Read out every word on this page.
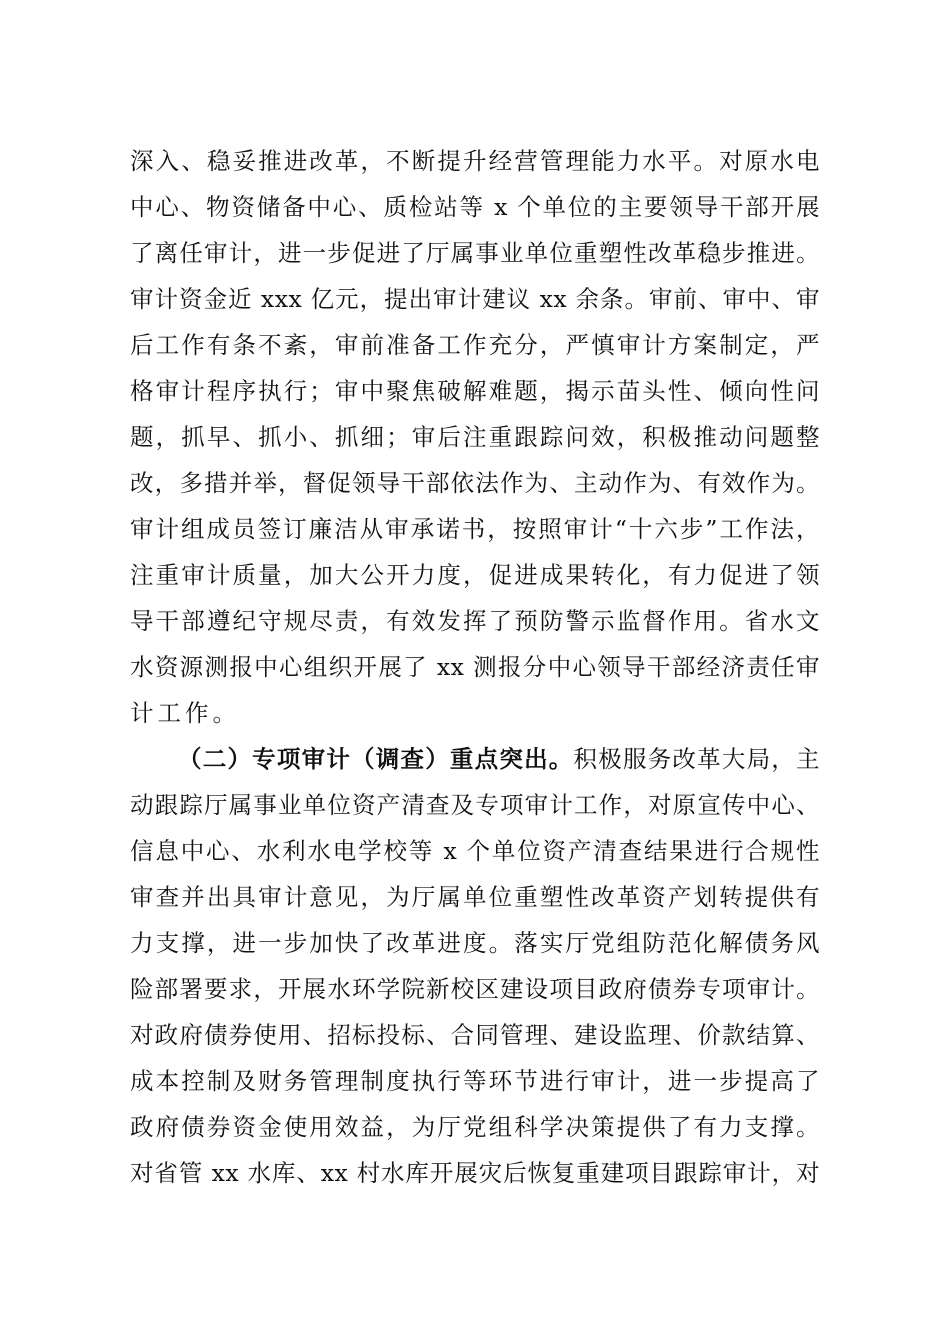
深入、稳妥推进改革，不断提升经营管理能力水平。对原水电
中心、物资储备中心、质检站等 x 个单位的主要领导干部开展
了离任审计，进一步促进了厅属事业单位重塑性改革稳步推进。
审计资金近 xxx 亿元，提出审计建议 xx 余条。审前、审中、审
后工作有条不紊，审前准备工作充分，严慎审计方案制定，严
格审计程序执行；审中聚焦破解难题，揭示苗头性、倾向性问
题，抓早、抓小、抓细；审后注重跟踪问效，积极推动问题整
改，多措并举，督促领导干部依法作为、主动作为、有效作为。
审计组成员签订廉洁从审承诺书，按照审计“十六步”工作法，
注重审计质量，加大公开力度，促进成果转化，有力促进了领
导干部遵纪守规尽责，有效发挥了预防警示监督作用。省水文
水资源测报中心组织开展了 xx 测报分中心领导干部经济责任审
计工作。
（二）专项审计（调查）重点突出。积极服务改革大局，主
动跟踪厅属事业单位资产清查及专项审计工作，对原宣传中心、
信息中心、水利水电学校等 x 个单位资产清查结果进行合规性
审查并出具审计意见，为厅属单位重塑性改革资产划转提供有
力支撑，进一步加快了改革进度。落实厅党组防范化解债务风
险部署要求，开展水环学院新校区建设项目政府债券专项审计。
对政府债券使用、招标投标、合同管理、建设监理、价款结算、
成本控制及财务管理制度执行等环节进行审计，进一步提高了
政府债券资金使用效益，为厅党组科学决策提供了有力支撑。
对省管 xx 水库、xx 村水库开展灾后恢复重建项目跟踪审计，对
